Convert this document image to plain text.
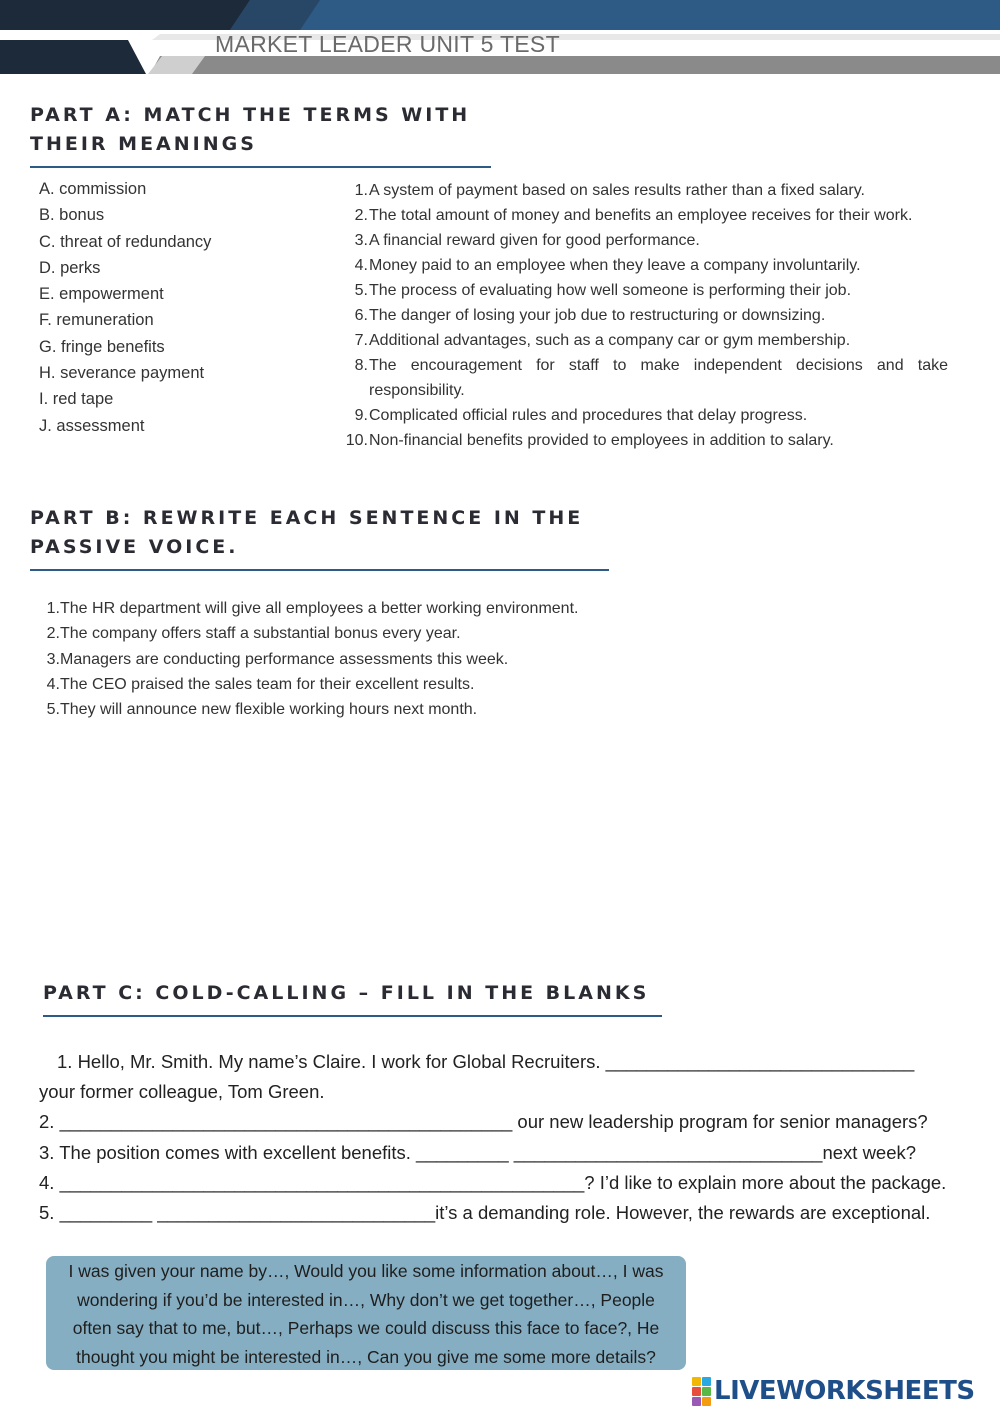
MARKET LEADER UNIT 5 TEST
PART A: MATCH THE TERMS WITH
THEIR MEANINGS
A. commission
B. bonus
C. threat of redundancy
D. perks
E. empowerment
F. remuneration
G. fringe benefits
H. severance payment
I. red tape
J. assessment
1. A system of payment based on sales results rather than a fixed salary.
2. The total amount of money and benefits an employee receives for their work.
3. A financial reward given for good performance.
4. Money paid to an employee when they leave a company involuntarily.
5. The process of evaluating how well someone is performing their job.
6. The danger of losing your job due to restructuring or downsizing.
7. Additional advantages, such as a company car or gym membership.
8. The encouragement for staff to make independent decisions and take responsibility.
9. Complicated official rules and procedures that delay progress.
10. Non-financial benefits provided to employees in addition to salary.
PART B: REWRITE EACH SENTENCE IN THE
PASSIVE VOICE.
1. The HR department will give all employees a better working environment.
2. The company offers staff a substantial bonus every year.
3. Managers are conducting performance assessments this week.
4. The CEO praised the sales team for their excellent results.
5. They will announce new flexible working hours next month.
PART C: COLD-CALLING – FILL IN THE BLANKS
1. Hello, Mr. Smith. My name’s Claire. I work for Global Recruiters. ______________________________
your former colleague, Tom Green.
2. ____________________________________________ our new leadership program for senior managers?
3. The position comes with excellent benefits. _________ ______________________________next week?
4. ___________________________________________________? I’d like to explain more about the package.
5. _________ ___________________________it’s a demanding role. However, the rewards are exceptional.
I was given your name by…, Would you like some information about…, I was
wondering if you’d be interested in…, Why don’t we get together…, People
often say that to me, but…, Perhaps we could discuss this face to face?, He
thought you might be interested in…, Can you give me some more details?
LIVEWORKSHEETS
